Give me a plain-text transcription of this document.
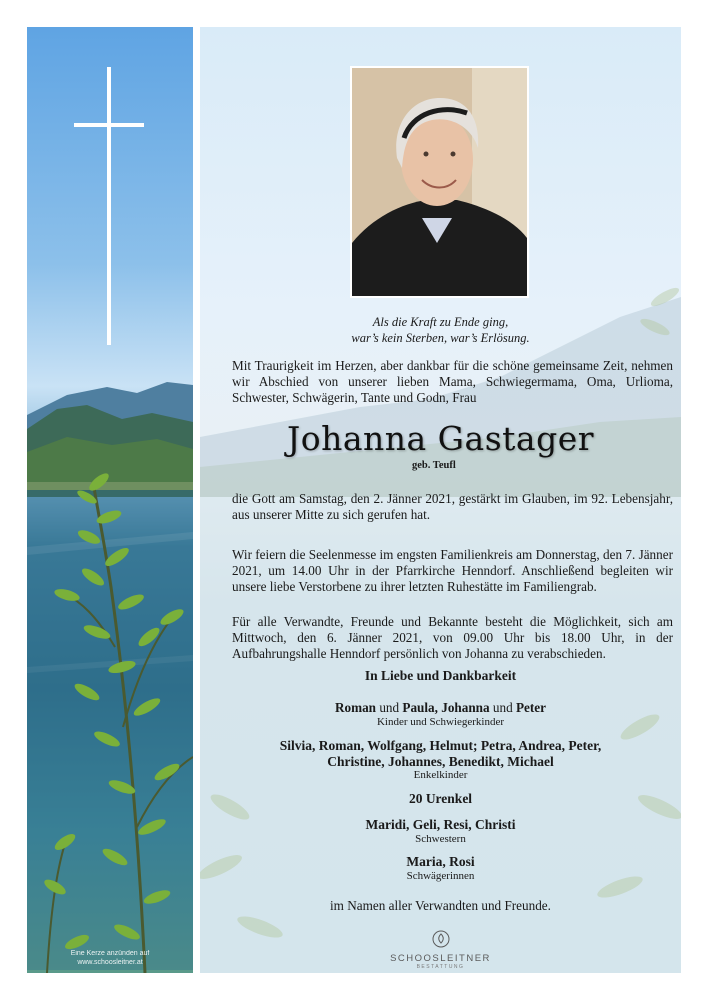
Eine Kerze anzünden auf
www.schoosleitner.at
Als die Kraft zu Ende ging,
war’s kein Sterben, war’s Erlösung.
Mit Traurigkeit im Herzen, aber dankbar für die schöne gemeinsame Zeit, nehmen wir Abschied von unserer lieben Mama, Schwiegermama, Oma, Urlioma, Schwester, Schwägerin, Tante und Godn, Frau
Johanna Gastager
geb. Teufl
die Gott am Samstag, den 2. Jänner 2021, gestärkt im Glauben, im 92. Lebensjahr, aus unserer Mitte zu sich gerufen hat.
Wir feiern die Seelenmesse im engsten Familienkreis am Donnerstag, den 7. Jänner 2021, um 14.00 Uhr in der Pfarrkirche Henndorf. Anschließend begleiten wir unsere liebe Verstorbene zu ihrer letzten Ruhestätte im Familiengrab.
Für alle Verwandte, Freunde und Bekannte besteht die Möglichkeit, sich am Mittwoch, den 6. Jänner 2021, von 09.00 Uhr bis 18.00 Uhr, in der Aufbahrungshalle Henndorf persönlich von Johanna zu verabschieden.
In Liebe und Dankbarkeit
Roman und Paula, Johanna und Peter
Kinder und Schwiegerkinder
Silvia, Roman, Wolfgang, Helmut; Petra, Andrea, Peter,
Christine, Johannes, Benedikt, Michael
Enkelkinder
20 Urenkel
Maridi, Geli, Resi, Christi
Schwestern
Maria, Rosi
Schwägerinnen
im Namen aller Verwandten und Freunde.
SCHOOSLEITNER
BESTATTUNG
